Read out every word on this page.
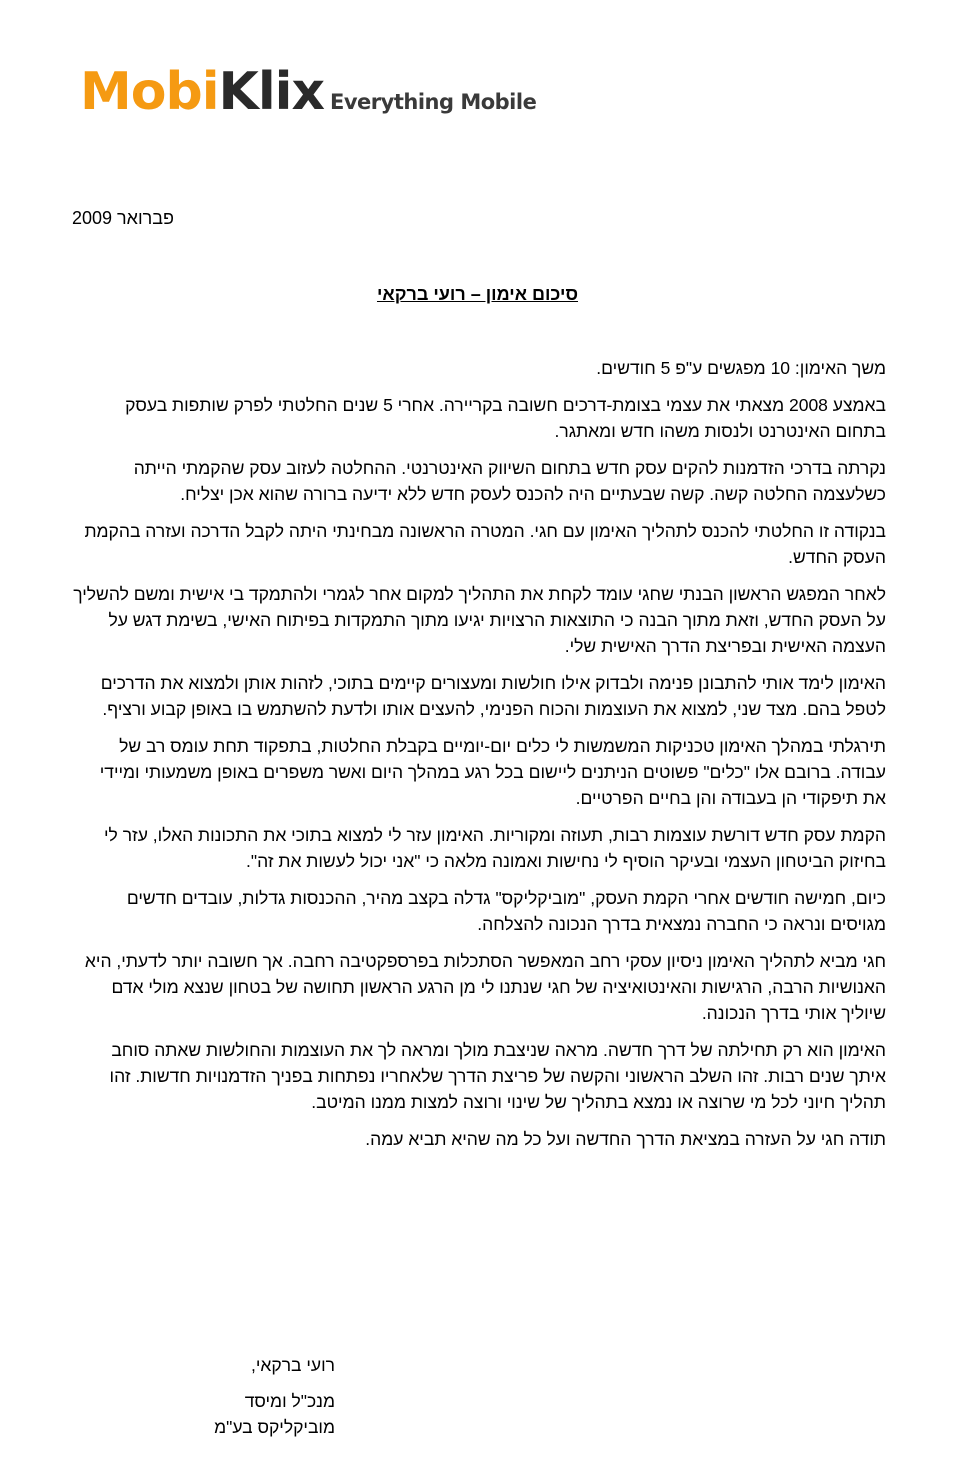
MobiKlix Everything Mobile
פברואר 2009
סיכום אימון – רועי ברקאי

משך האימון: 10 מפגשים ע"פ 5 חודשים.

באמצע 2008 מצאתי את עצמי בצומת-דרכים חשובה בקריירה. אחרי 5 שנים החלטתי לפרק שותפות בעסק בתחום האינטרנט ולנסות משהו חדש ומאתגר.

נקרתה בדרכי הזדמנות להקים עסק חדש בתחום השיווק האינטרנטי. ההחלטה לעזוב עסק שהקמתי הייתה כשלעצמה החלטה קשה. קשה שבעתיים היה להכנס לעסק חדש ללא ידיעה ברורה שהוא אכן יצליח.

בנקודה זו החלטתי להכנס לתהליך האימון עם חגי. המטרה הראשונה מבחינתי היתה לקבל הדרכה ועזרה בהקמת העסק החדש.

לאחר המפגש הראשון הבנתי שחגי עומד לקחת את התהליך למקום אחר לגמרי ולהתמקד בי אישית ומשם להשליך על העסק החדש, וזאת מתוך הבנה כי התוצאות הרצויות יגיעו מתוך התמקדות בפיתוח האישי, בשימת דגש על העצמה האישית ובפריצת הדרך האישית שלי.

האימון לימד אותי להתבונן פנימה ולבדוק אילו חולשות ומעצורים קיימים בתוכי, לזהות אותן ולמצוא את הדרכים לטפל בהם. מצד שני, למצוא את העוצמות והכוח הפנימי, להעצים אותו ולדעת להשתמש בו באופן קבוע ורציף.

תירגלתי במהלך האימון טכניקות המשמשות לי כלים יום-יומיים בקבלת החלטות, בתפקוד תחת עומס רב של עבודה. ברובם אלו "כלים" פשוטים הניתנים ליישום בכל רגע במהלך היום ואשר משפרים באופן משמעותי ומיידי את תיפקודי הן בעבודה והן בחיים הפרטיים.

הקמת עסק חדש דורשת עוצמות רבות, תעוזה ומקוריות. האימון עזר לי למצוא בתוכי את התכונות האלו, עזר לי בחיזוק הביטחון העצמי ובעיקר הוסיף לי נחישות ואמונה מלאה כי "אני יכול לעשות את זה".

כיום, חמישה חודשים אחרי הקמת העסק, "מוביקליקס" גדלה בקצב מהיר, ההכנסות גדלות, עובדים חדשים מגויסים ונראה כי החברה נמצאית בדרך הנכונה להצלחה.

חגי מביא לתהליך האימון ניסיון עסקי רחב המאפשר הסתכלות בפרספקטיבה רחבה. אך חשובה יותר לדעתי, היא האנושיות הרבה, הרגישות והאינטואיציה של חגי שנתנו לי מן הרגע הראשון תחושה של בטחון שנצא מולי אדם שיוליך אותי בדרך הנכונה.

האימון הוא רק תחילתה של דרך חדשה. מראה שניצבת מולך ומראה לך את העוצמות והחולשות שאתה סוחב איתך שנים רבות. זהו השלב הראשוני והקשה של פריצת הדרך שלאחריו נפתחות בפניך הזדמנויות חדשות. זהו תהליך חיוני לכל מי שרוצה או נמצא בתהליך של שינוי ורוצה למצות ממנו המיטב.

תודה חגי על העזרה במציאת הדרך החדשה ועל כל מה שהיא תביא עמה.

רועי ברקאי,
מנכ"ל ומיסד
מוביקליקס בע"מ
